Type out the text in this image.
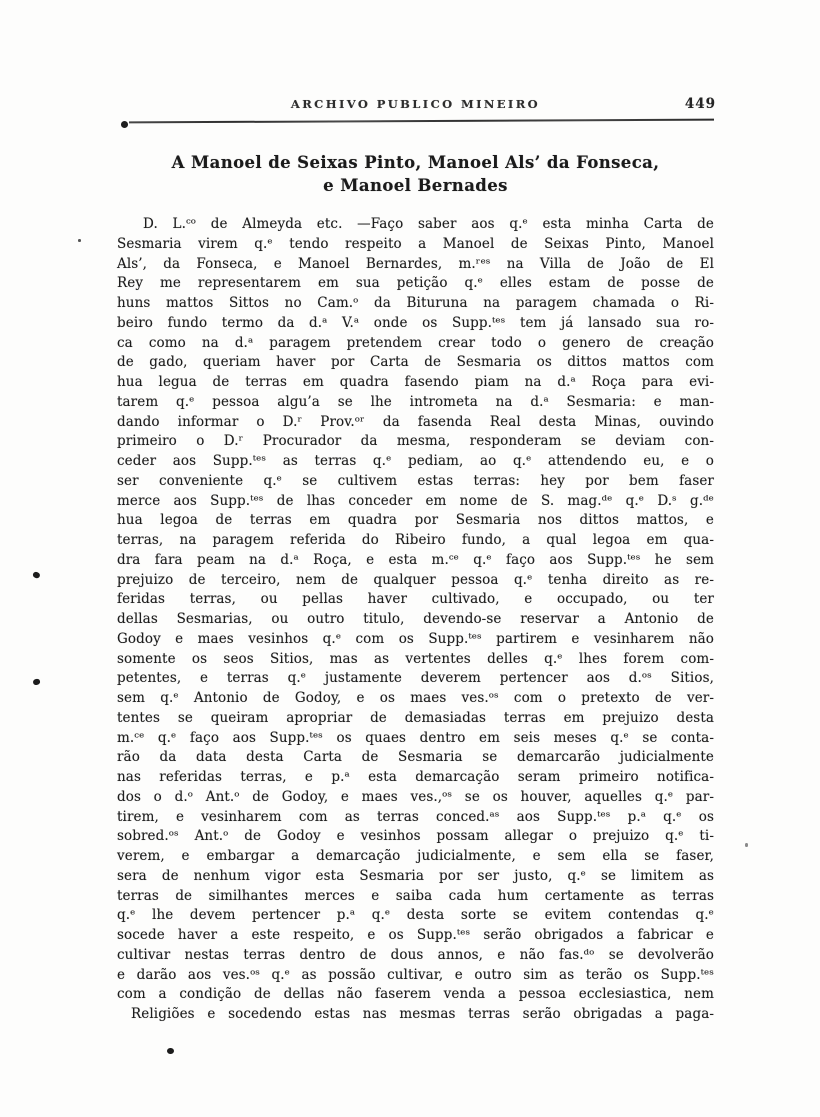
ARCHIVO PUBLICO MINEIRO	449
A Manoel de Seixas Pinto, Manoel Als’ da Fonseca,
e Manoel Bernades
D. L.ᶜᵒ de Almeyda etc. —Faço saber aos q.ᵉ esta minha Carta de
Sesmaria virem q.ᵉ tendo respeito a Manoel de Seixas Pinto, Manoel
Als’, da Fonseca, e Manoel Bernardes, m.ʳᵉˢ na Villa de João de El
Rey me representarem em sua petição q.ᵉ elles estam de posse de
huns mattos Sittos no Cam.ᵒ da Bituruna na paragem chamada o Ri-
beiro fundo termo da d.ᵃ V.ᵃ onde os Supp.ᵗᵉˢ tem já lansado sua ro-
ca como na d.ᵃ paragem pretendem crear todo o genero de creação
de gado, queriam haver por Carta de Sesmaria os dittos mattos com
hua legua de terras em quadra fasendo piam na d.ᵃ Roça para evi-
tarem q.ᵉ pessoa algu’a se lhe intrometa na d.ᵃ Sesmaria: e man-
dando informar o D.ʳ Prov.ᵒʳ da fasenda Real desta Minas, ouvindo
primeiro o D.ʳ Procurador da mesma, responderam se deviam con-
ceder aos Supp.ᵗᵉˢ as terras q.ᵉ pediam, ao q.ᵉ attendendo eu, e o
ser conveniente q.ᵉ se cultivem estas terras: hey por bem faser
merce aos Supp.ᵗᵉˢ de lhas conceder em nome de S. mag.ᵈᵉ q.ᵉ D.ˢ g.ᵈᵉ
hua legoa de terras em quadra por Sesmaria nos dittos mattos, e
terras, na paragem referida do Ribeiro fundo, a qual legoa em qua-
dra fara peam na d.ᵃ Roça, e esta m.ᶜᵉ q.ᵉ faço aos Supp.ᵗᵉˢ he sem
prejuizo de terceiro, nem de qualquer pessoa q.ᵉ tenha direito as re-
feridas terras, ou pellas haver cultivado, e occupado, ou ter
dellas Sesmarias, ou outro titulo, devendo-se reservar a Antonio de
Godoy e maes vesinhos q.ᵉ com os Supp.ᵗᵉˢ partirem e vesinharem não
somente os seos Sitios, mas as vertentes delles q.ᵉ lhes forem com-
petentes, e terras q.ᵉ justamente deverem pertencer aos d.ᵒˢ Sitios,
sem q.ᵉ Antonio de Godoy, e os maes ves.ᵒˢ com o pretexto de ver-
tentes se queiram apropriar de demasiadas terras em prejuizo desta
m.ᶜᵉ q.ᵉ faço aos Supp.ᵗᵉˢ os quaes dentro em seis meses q.ᵉ se conta-
rão da data desta Carta de Sesmaria se demarcarão judicialmente
nas referidas terras, e p.ᵃ esta demarcação seram primeiro notifica-
dos o d.ᵒ Ant.ᵒ de Godoy, e maes ves.,ᵒˢ se os houver, aquelles q.ᵉ par-
tirem, e vesinharem com as terras conced.ᵃˢ aos Supp.ᵗᵉˢ p.ᵃ q.ᵉ os
sobred.ᵒˢ Ant.ᵒ de Godoy e vesinhos possam allegar o prejuizo q.ᵉ ti-
verem, e embargar a demarcação judicialmente, e sem ella se faser,
sera de nenhum vigor esta Sesmaria por ser justo, q.ᵉ se limitem as
terras de similhantes merces e saiba cada hum certamente as terras
q.ᵉ lhe devem pertencer p.ᵃ q.ᵉ desta sorte se evitem contendas q.ᵉ
socede haver a este respeito, e os Supp.ᵗᵉˢ serão obrigados a fabricar e
cultivar nestas terras dentro de dous annos, e não fas.ᵈᵒ se devolverão
e darão aos ves.ᵒˢ q.ᵉ as possão cultivar, e outro sim as terão os Supp.ᵗᵉˢ
com a condição de dellas não faserem venda a pessoa ecclesiastica, nem
Religiões e socedendo estas nas mesmas terras serão obrigadas a paga-
